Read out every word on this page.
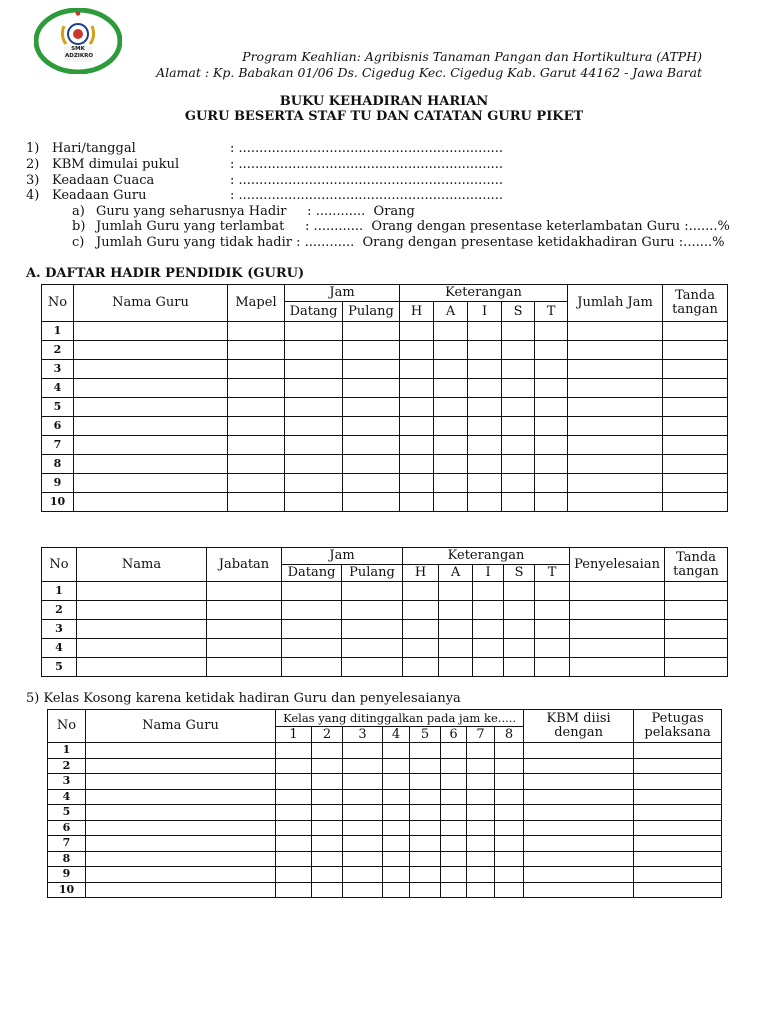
●
SMK ADZIKRO	Program Keahlian: Agribisnis Tanaman Pangan dan Hortikultura (ATPH)
Alamat : Kp. Babakan 01/06 Ds. Cigedug Kec. Cigedug Kab. Garut 44162 - Jawa Barat
BUKU KEHADIRAN HARIAN
GURU BESERTA STAF TU DAN CATATAN GURU PIKET
1) Hari/tanggal	: ................................................................
2) KBM dimulai pukul	: ................................................................
3) Keadaan Cuaca	: ................................................................
4) Keadaan Guru	: ................................................................
a) Guru yang seharusnya Hadir     : ............  Orang
b) Jumlah Guru yang terlambat     : ............  Orang dengan presentase keterlambatan Guru :.......%
c) Jumlah Guru yang tidak hadir : ............  Orang dengan presentase ketidakhadiran Guru :.......%
A. DAFTAR HADIR PENDIDIK (GURU)
No	Nama Guru	Mapel	Jam		Keterangan					Jumlah Jam	Tanda tangan
			Datang	Pulang	H	A	I	S	T		
1											
2											
3											
4											
5											
6											
7											
8											
9											
10											
No	Nama	Jabatan	Jam		Keterangan					Penyelesaian	Tanda tangan
			Datang	Pulang	H	A	I	S	T		
1											
2											
3											
4											
5											
5) Kelas Kosong karena ketidak hadiran Guru dan penyelesaianya
No	Nama Guru	Kelas yang ditinggalkan pada jam ke.....								KBM diisi dengan	Petugas pelaksana
		1	2	3	4	5	6	7	8		
1											
2											
3											
4											
5											
6											
7											
8											
9											
10											
